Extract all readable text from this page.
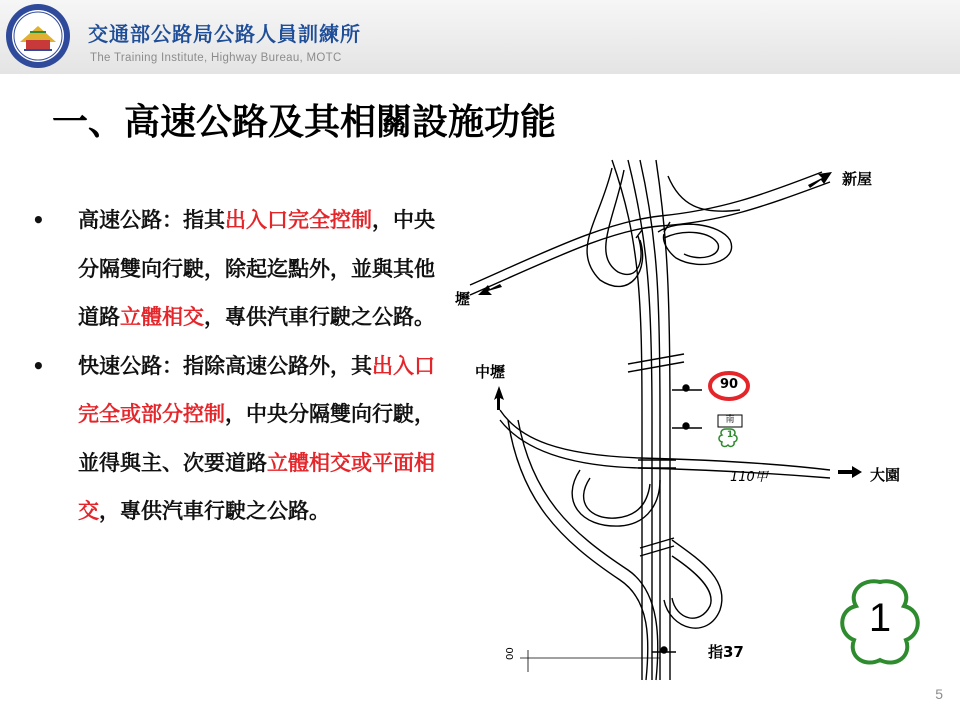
交通部公路局公路人員訓練所
The Training Institute, Highway Bureau, MOTC
一、高速公路及其相關設施功能
• 高速公路：指其出入口完全控制，中央分隔雙向行駛，除起迄點外，並與其他道路立體相交，專供汽車行駛之公路。
• 快速公路：指除高速公路外，其出入口完全或部分控制，中央分隔雙向行駛，並得與主、次要道路立體相交或平面相交，專供汽車行駛之公路。
新屋
壢
中壢
大園
110甲
指37
00
90
南
1
1
5
